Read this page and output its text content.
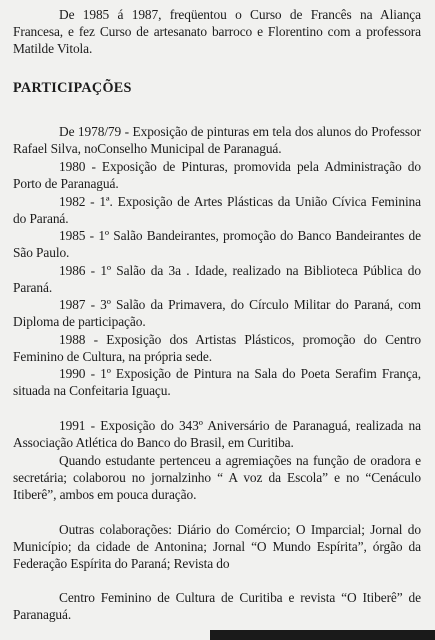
De 1985 á 1987, freqüentou o Curso de Francês na Aliança Francesa, e fez Curso de artesanato barroco e Florentino com a professora Matilde Vitola.

PARTICIPAÇÕES

De 1978/79 - Exposição de pinturas em tela dos alunos do Professor Rafael Silva, noConselho Municipal de Paranaguá.

1980 - Exposição de Pinturas, promovida pela Administração do Porto de Paranaguá.

1982 - 1ª. Exposição de Artes Plásticas da União Cívica Feminina do Paraná.

1985 - 1º Salão Bandeirantes, promoção do Banco Bandeirantes de São Paulo.

1986 - 1º Salão da 3a . Idade, realizado na Biblioteca Pública do Paraná.

1987 - 3º Salão da Primavera, do Círculo Militar do Paraná, com Diploma de participação.

1988 - Exposição dos Artistas Plásticos, promoção do Centro Feminino de Cultura, na própria sede.

1990 - 1º Exposição de Pintura na Sala do Poeta Serafim França, situada na Confeitaria Iguaçu.

1991 - Exposição do 343º Aniversário de Paranaguá, realizada na Associação Atlética do Banco do Brasil, em Curitiba.

Quando estudante pertenceu a agremiações na função de oradora e secretária; colaborou no jornalzinho “ A voz da Escola” e no “Cenáculo Itiberê”, ambos em pouca duração.

Outras colaborações: Diário do Comércio; O Imparcial; Jornal do Município; da cidade de Antonina; Jornal “O Mundo Espírita”, órgão da Federação Espírita do Paraná; Revista do

Centro Feminino de Cultura de Curitiba e revista “O Itiberê” de Paranaguá.
